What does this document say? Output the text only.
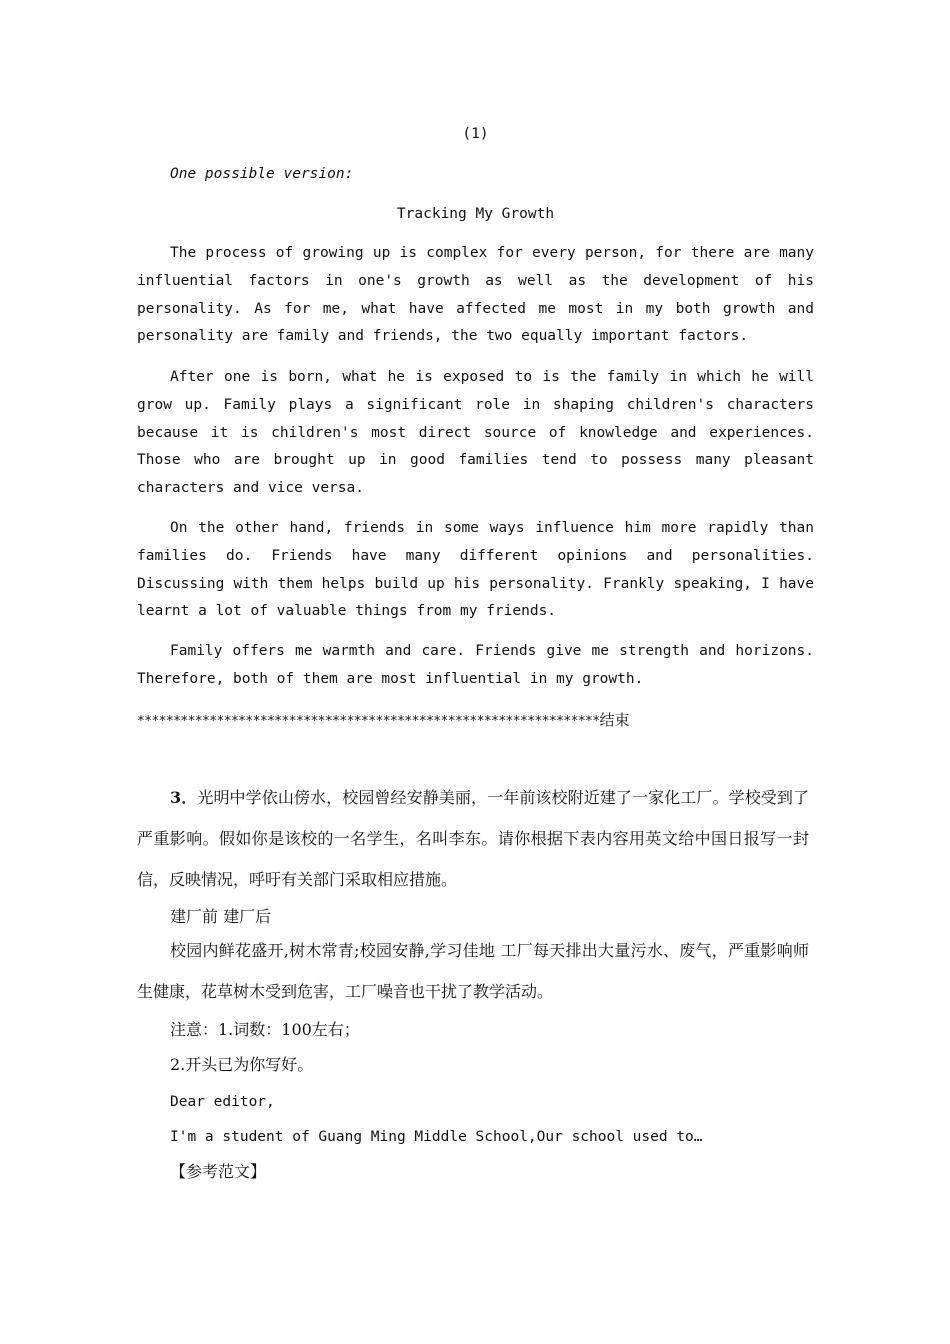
(1)
One possible version:
Tracking My Growth

The process of growing up is complex for every person, for there are many influential factors in one's growth as well as the development of his personality. As for me, what have affected me most in my both growth and personality are family and friends, the two equally important factors.

After one is born, what he is exposed to is the family in which he will grow up. Family plays a significant role in shaping children's characters because it is children's most direct source of knowledge and experiences. Those who are brought up in good families tend to possess many pleasant characters and vice versa.

On the other hand, friends in some ways influence him more rapidly than families do. Friends have many different opinions and personalities. Discussing with them helps build up his personality. Frankly speaking, I have learnt a lot of valuable things from my friends.

Family offers me warmth and care. Friends give me strength and horizons. Therefore, both of them are most influential in my growth.

****************************************************************结束

3．光明中学依山傍水，校园曾经安静美丽，一年前该校附近建了一家化工厂。学校受到了严重影响。假如你是该校的一名学生，名叫李东。请你根据下表内容用英文给中国日报写一封信，反映情况，呼吁有关部门采取相应措施。

建厂前 建厂后

校园内鲜花盛开,树木常青;校园安静,学习佳地 工厂每天排出大量污水、废气，严重影响师生健康，花草树木受到危害，工厂噪音也干扰了教学活动。

注意：1.词数：100左右；
2.开头已为你写好。
Dear editor,
I'm a student of Guang Ming Middle School,Our school used to…
【参考范文】
